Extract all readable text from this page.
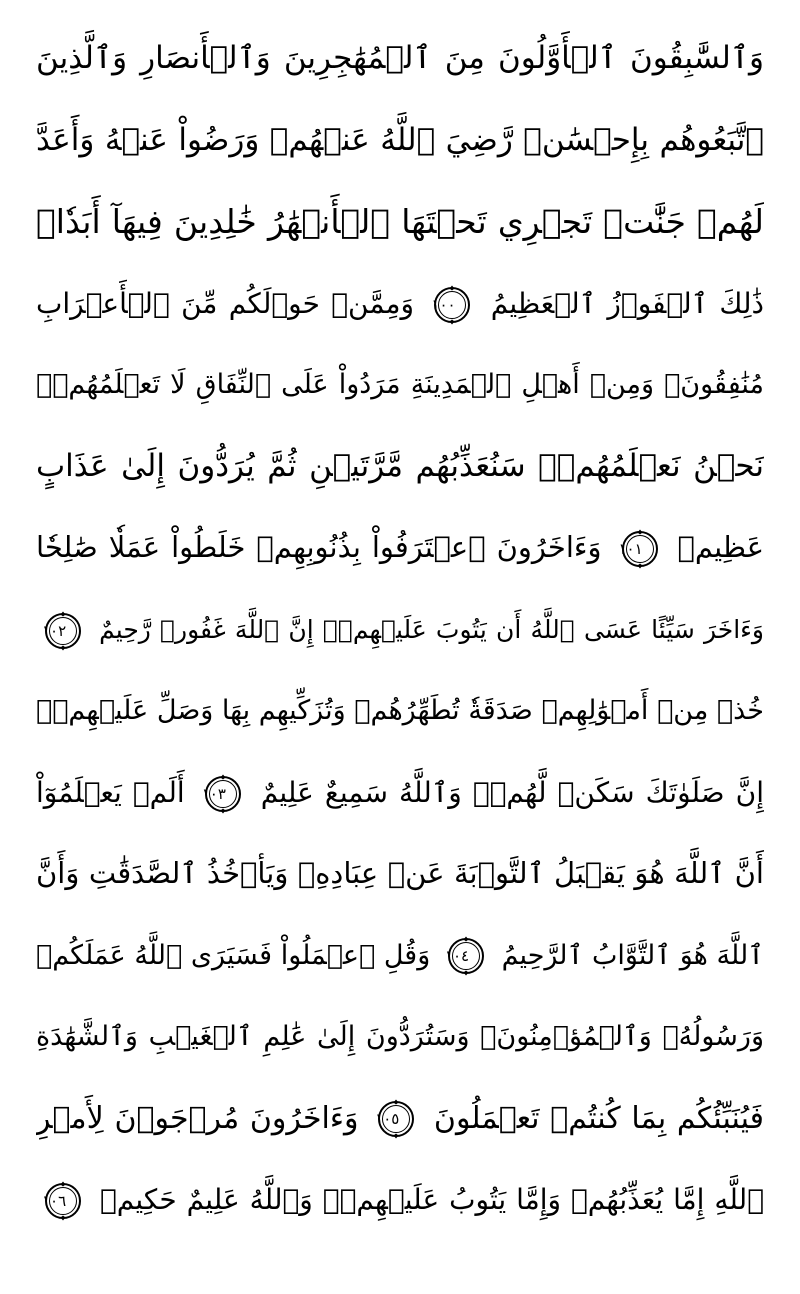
وَٱلسَّٰبِقُونَ ٱلۡأَوَّلُونَ مِنَ ٱلۡمُهَٰجِرِينَ وَٱلۡأَنصَارِ وَٱلَّذِينَ
ٱتَّبَعُوهُم بِإِحۡسَٰنٖ رَّضِيَ ٱللَّهُ عَنۡهُمۡ وَرَضُواْ عَنۡهُ وَأَعَدَّ
لَهُمۡ جَنَّٰتٖ تَجۡرِي تَحۡتَهَا ٱلۡأَنۡهَٰرُ خَٰلِدِينَ فِيهَآ أَبَدٗاۚ
ذَٰلِكَ ٱلۡفَوۡزُ ٱلۡعَظِيمُ
١٠٠
وَمِمَّنۡ حَوۡلَكُم مِّنَ ٱلۡأَعۡرَابِ
مُنَٰفِقُونَۖ وَمِنۡ أَهۡلِ ٱلۡمَدِينَةِ مَرَدُواْ عَلَى ٱلنِّفَاقِ لَا تَعۡلَمُهُمۡۖ
نَحۡنُ نَعۡلَمُهُمۡۚ سَنُعَذِّبُهُم مَّرَّتَيۡنِ ثُمَّ يُرَدُّونَ إِلَىٰ عَذَابٍ
عَظِيمٖ
١٠١
وَءَاخَرُونَ ٱعۡتَرَفُواْ بِذُنُوبِهِمۡ خَلَطُواْ عَمَلٗا صَٰلِحٗا
وَءَاخَرَ سَيِّئًا عَسَى ٱللَّهُ أَن يَتُوبَ عَلَيۡهِمۡۚ إِنَّ ٱللَّهَ غَفُورٞ رَّحِيمٌ
١٠٢
خُذۡ مِنۡ أَمۡوَٰلِهِمۡ صَدَقَةٗ تُطَهِّرُهُمۡ وَتُزَكِّيهِم بِهَا وَصَلِّ عَلَيۡهِمۡۖ
إِنَّ صَلَوٰتَكَ سَكَنٞ لَّهُمۡۗ وَٱللَّهُ سَمِيعٌ عَلِيمٌ
١٠٣
أَلَمۡ يَعۡلَمُوٓاْ
أَنَّ ٱللَّهَ هُوَ يَقۡبَلُ ٱلتَّوۡبَةَ عَنۡ عِبَادِهِۦ وَيَأۡخُذُ ٱلصَّدَقَٰتِ وَأَنَّ
ٱللَّهَ هُوَ ٱلتَّوَّابُ ٱلرَّحِيمُ
١٠٤
وَقُلِ ٱعۡمَلُواْ فَسَيَرَى ٱللَّهُ عَمَلَكُمۡ
وَرَسُولُهُۥ وَٱلۡمُؤۡمِنُونَۖ وَسَتُرَدُّونَ إِلَىٰ عَٰلِمِ ٱلۡغَيۡبِ وَٱلشَّهَٰدَةِ
فَيُنَبِّئُكُم بِمَا كُنتُمۡ تَعۡمَلُونَ
١٠٥
وَءَاخَرُونَ مُرۡجَوۡنَ لِأَمۡرِ
ٱللَّهِ إِمَّا يُعَذِّبُهُمۡ وَإِمَّا يَتُوبُ عَلَيۡهِمۡۗ وَٱللَّهُ عَلِيمٌ حَكِيمٞ
١٠٦
